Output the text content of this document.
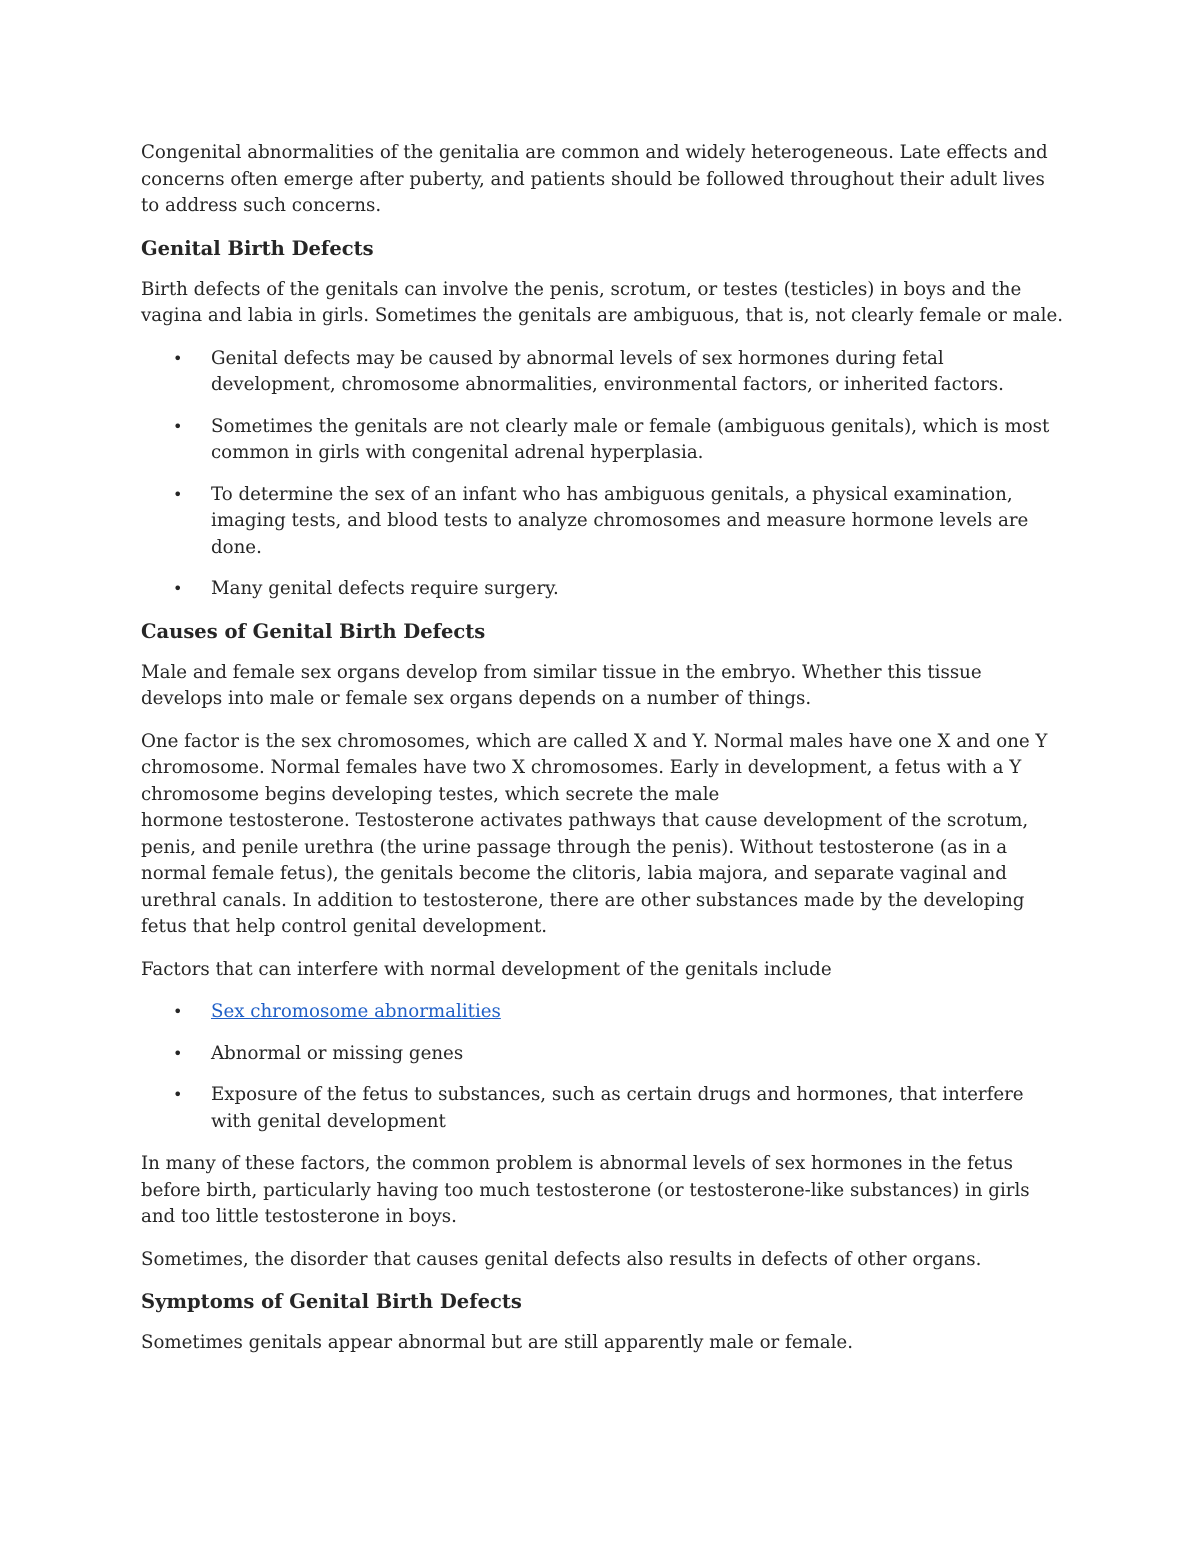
Congenital abnormalities of the genitalia are common and widely heterogeneous. Late effects and concerns often emerge after puberty, and patients should be followed throughout their adult lives to address such concerns.

Genital Birth Defects

Birth defects of the genitals can involve the penis, scrotum, or testes (testicles) in boys and the vagina and labia in girls. Sometimes the genitals are ambiguous, that is, not clearly female or male.

• Genital defects may be caused by abnormal levels of sex hormones during fetal development, chromosome abnormalities, environmental factors, or inherited factors.
• Sometimes the genitals are not clearly male or female (ambiguous genitals), which is most common in girls with congenital adrenal hyperplasia.
• To determine the sex of an infant who has ambiguous genitals, a physical examination, imaging tests, and blood tests to analyze chromosomes and measure hormone levels are done.
• Many genital defects require surgery.
Causes of Genital Birth Defects

Male and female sex organs develop from similar tissue in the embryo. Whether this tissue develops into male or female sex organs depends on a number of things.

One factor is the sex chromosomes, which are called X and Y. Normal males have one X and one Y chromosome. Normal females have two X chromosomes. Early in development, a fetus with a Y chromosome begins developing testes, which secrete the male
hormone testosterone. Testosterone activates pathways that cause development of the scrotum, penis, and penile urethra (the urine passage through the penis). Without testosterone (as in a normal female fetus), the genitals become the clitoris, labia majora, and separate vaginal and urethral canals. In addition to testosterone, there are other substances made by the developing fetus that help control genital development.

Factors that can interfere with normal development of the genitals include

• Sex chromosome abnormalities
• Abnormal or missing genes
• Exposure of the fetus to substances, such as certain drugs and hormones, that interfere with genital development

In many of these factors, the common problem is abnormal levels of sex hormones in the fetus before birth, particularly having too much testosterone (or testosterone-like substances) in girls and too little testosterone in boys.

Sometimes, the disorder that causes genital defects also results in defects of other organs.

Symptoms of Genital Birth Defects

Sometimes genitals appear abnormal but are still apparently male or female.
